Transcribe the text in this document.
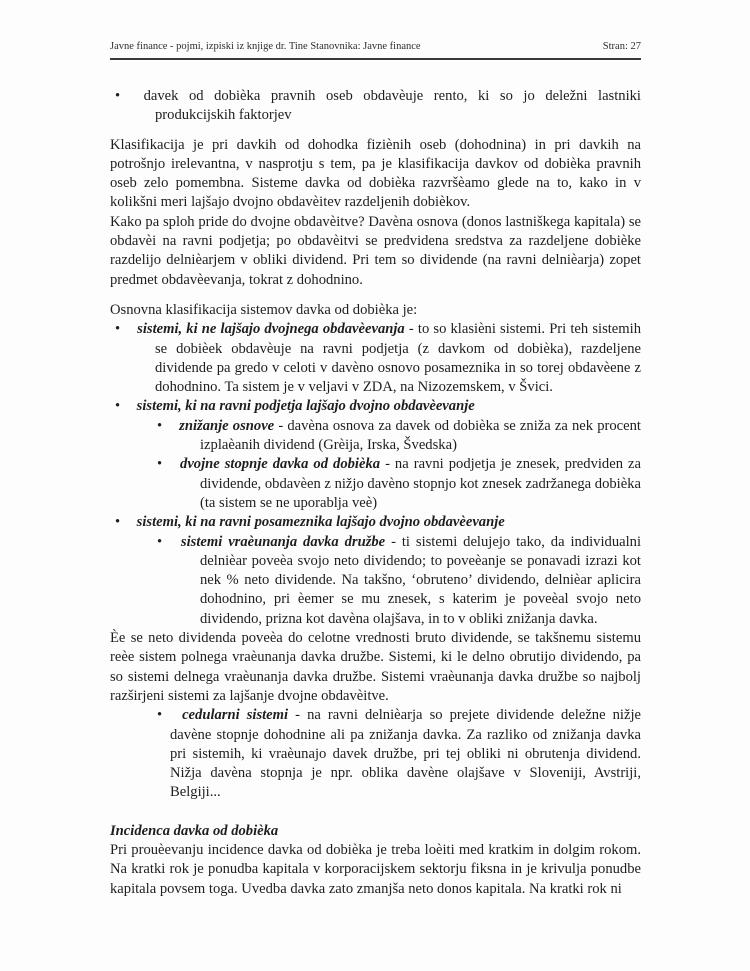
Javne finance - pojmi, izpiski iz knjige dr. Tine Stanovnika: Javne finance	Stran: 27
• davek od dobièka pravnih oseb obdavèuje rento, ki so jo deležni lastniki produkcijskih faktorjev
Klasifikacija je pri davkih od dohodka fiziènih oseb (dohodnina) in pri davkih na potrošnjo irelevantna, v nasprotju s tem, pa je klasifikacija davkov od dobièka pravnih oseb zelo pomembna. Sisteme davka od dobièka razvršèamo glede na to, kako in v kolikšni meri lajšajo dvojno obdavèitev razdeljenih dobièkov.
Kako pa sploh pride do dvojne obdavèitve? Davèna osnova (donos lastniškega kapitala) se obdavèi na ravni podjetja; po obdavèitvi se predvidena sredstva za razdeljene dobièke razdelijo delnièarjem v obliki dividend. Pri tem so dividende (na ravni delnièarja) zopet predmet obdavèevanja, tokrat z dohodnino.
Osnovna klasifikacija sistemov davka od dobièka je:
• sistemi, ki ne lajšajo dvojnega obdavèevanja - to so klasièni sistemi. Pri teh sistemih se dobièek obdavèuje na ravni podjetja (z davkom od dobièka), razdeljene dividende pa gredo v celoti v davèno osnovo posameznika in so torej obdavèene z dohodnino. Ta sistem je v veljavi v ZDA, na Nizozemskem, v Švici.
• sistemi, ki na ravni podjetja lajšajo dvojno obdavèevanje
• znižanje osnove - davèna osnova za davek od dobièka se zniža za nek procent izplaèanih dividend (Grèija, Irska, Švedska)
• dvojne stopnje davka od dobièka - na ravni podjetja je znesek, predviden za dividende, obdavèen z nižjo davèno stopnjo kot znesek zadržanega dobièka (ta sistem se ne uporablja veè)
• sistemi, ki na ravni posameznika lajšajo dvojno obdavèevanje
• sistemi vraèunanja davka družbe - ti sistemi delujejo tako, da individualni delnièar poveèa svojo neto dividendo; to poveèanje se ponavadi izrazi kot nek % neto dividende. Na takšno, ‘obruteno’ dividendo, delnièar aplicira dohodnino, pri èemer se mu znesek, s katerim je poveèal svojo neto dividendo, prizna kot davèna olajšava, in to v obliki znižanja davka.
Èe se neto dividenda poveèa do celotne vrednosti bruto dividende, se takšnemu sistemu reèe sistem polnega vraèunanja davka družbe. Sistemi, ki le delno obrutijo dividendo, pa so sistemi delnega vraèunanja davka družbe. Sistemi vraèunanja davka družbe so najbolj razširjeni sistemi za lajšanje dvojne obdavèitve.
• cedularni sistemi - na ravni delnièarja so prejete dividende deležne nižje davène stopnje dohodnine ali pa znižanja davka. Za razliko od znižanja davka pri sistemih, ki vraèunajo davek družbe, pri tej obliki ni obrutenja dividend. Nižja davèna stopnja je npr. oblika davène olajšave v Sloveniji, Avstriji, Belgiji...
Incidenca davka od dobièka
Pri prouèevanju incidence davka od dobièka je treba loèiti med kratkim in dolgim rokom. Na kratki rok je ponudba kapitala v korporacijskem sektorju fiksna in je krivulja ponudbe kapitala povsem toga. Uvedba davka zato zmanjša neto donos kapitala. Na kratki rok ni
